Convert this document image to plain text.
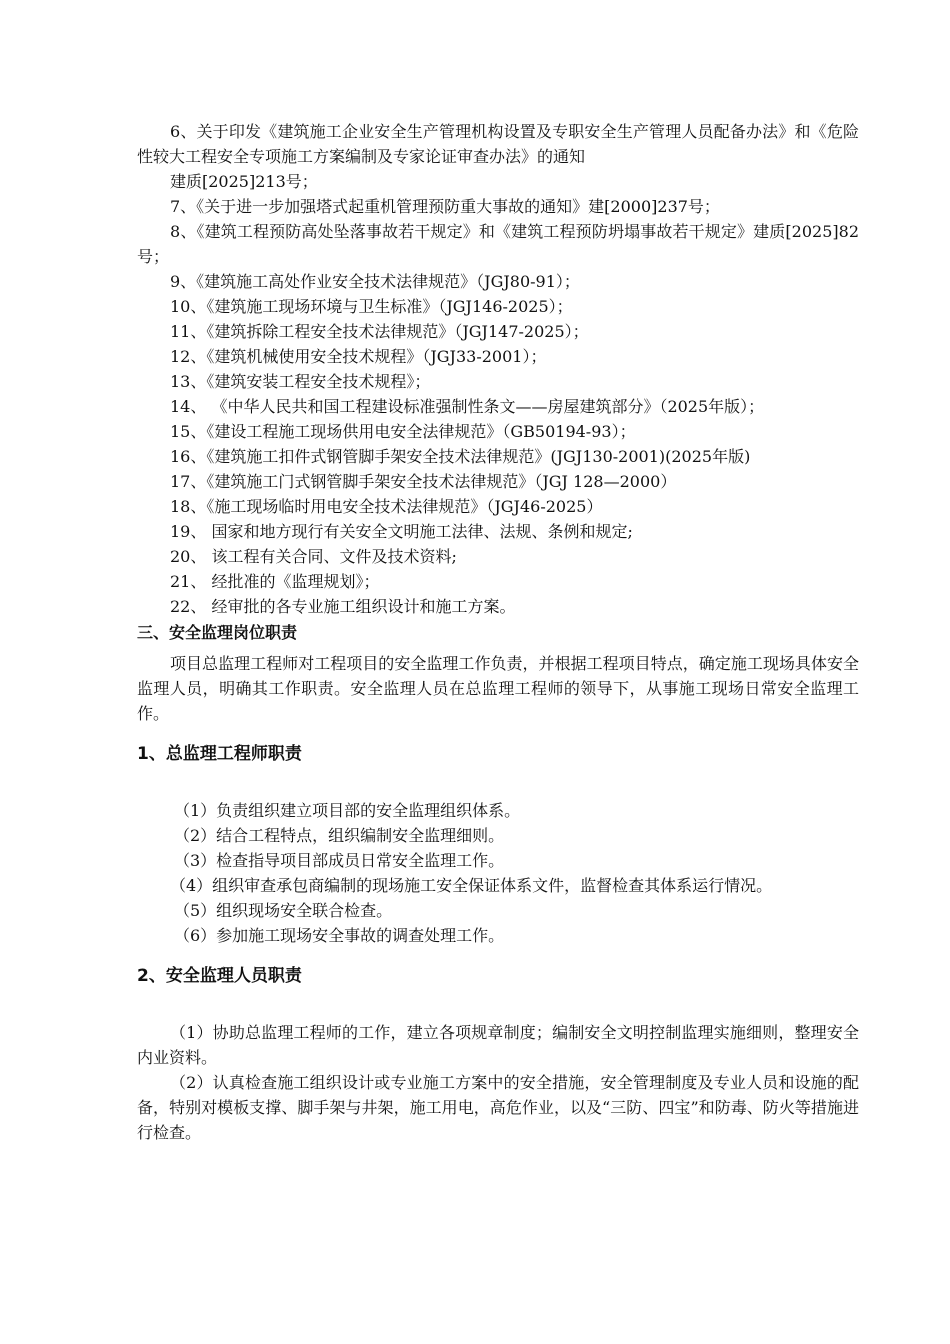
6、关于印发《建筑施工企业安全生产管理机构设置及专职安全生产管理人员配备办法》和《危险性较大工程安全专项施工方案编制及专家论证审查办法》的通知

建质[2025]213号；

7、《关于进一步加强塔式起重机管理预防重大事故的通知》建[2000]237号；

8、《建筑工程预防高处坠落事故若干规定》和《建筑工程预防坍塌事故若干规定》建质[2025]82号；

9、《建筑施工高处作业安全技术法律规范》（JGJ80-91）；

10、《建筑施工现场环境与卫生标准》（JGJ146-2025）；

11、《建筑拆除工程安全技术法律规范》（JGJ147-2025）；

12、《建筑机械使用安全技术规程》（JGJ33-2001）；

13、《建筑安装工程安全技术规程》；

14、 《中华人民共和国工程建设标准强制性条文——房屋建筑部分》（2025年版）；

15、《建设工程施工现场供用电安全法律规范》（GB50194-93）；

16、《建筑施工扣件式钢管脚手架安全技术法律规范》(JGJ130-2001)(2025年版)

17、《建筑施工门式钢管脚手架安全技术法律规范》（JGJ 128—2000）

18、《施工现场临时用电安全技术法律规范》（JGJ46-2025）

19、 国家和地方现行有关安全文明施工法律、法规、条例和规定;

20、 该工程有关合同、文件及技术资料;

21、 经批准的《监理规划》；

22、 经审批的各专业施工组织设计和施工方案。

三、安全监理岗位职责

项目总监理工程师对工程项目的安全监理工作负责，并根据工程项目特点，确定施工现场具体安全监理人员，明确其工作职责。安全监理人员在总监理工程师的领导下，从事施工现场日常安全监理工作。

1、总监理工程师职责

（1）负责组织建立项目部的安全监理组织体系。

（2）结合工程特点，组织编制安全监理细则。

（3）检查指导项目部成员日常安全监理工作。

（4）组织审查承包商编制的现场施工安全保证体系文件，监督检查其体系运行情况。

（5）组织现场安全联合检查。

（6）参加施工现场安全事故的调查处理工作。

2、安全监理人员职责

（1）协助总监理工程师的工作，建立各项规章制度；编制安全文明控制监理实施细则，整理安全内业资料。

（2）认真检查施工组织设计或专业施工方案中的安全措施，安全管理制度及专业人员和设施的配备，特别对模板支撑、脚手架与井架，施工用电，高危作业，以及“三防、四宝”和防毒、防火等措施进行检查。
